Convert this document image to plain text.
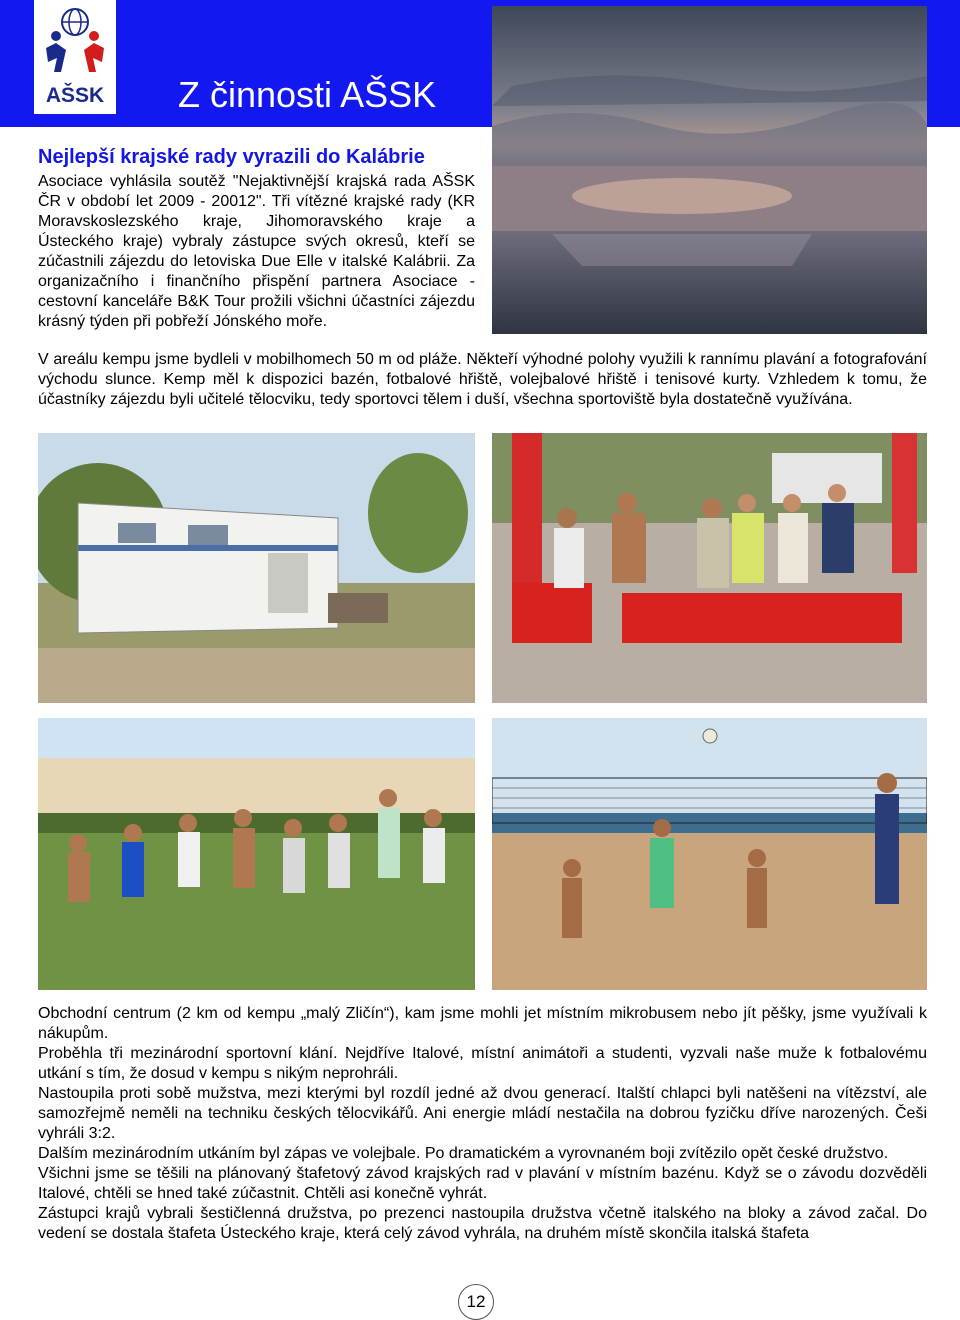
AŠSK	Z činnosti AŠSK
Nejlepší krajské rady vyrazili do Kalábrie
Asociace vyhlásila soutěž "Nejaktivnější krajská rada AŠSK ČR v období let 2009 - 20012". Tři vítězné krajské rady (KR Moravskoslezského kraje, Jihomoravského kraje a Ústeckého kraje) vybraly zástupce svých okresů, kteří se zúčastnili zájezdu do letoviska Due Elle v italské Kalábrii. Za organizačního i finančního přispění partnera Asociace - cestovní kanceláře B&K Tour prožili všichni účastníci zájezdu krásný týden při pobřeží Jónského moře.
V areálu kempu jsme bydleli v mobilhomech 50 m od pláže. Někteří výhodné polohy využili k rannímu plavání a fotografování východu slunce. Kemp měl k dispozici bazén, fotbalové hřiště, volejbalové hřiště i tenisové kurty. Vzhledem k tomu, že účastníky zájezdu byli učitelé tělocviku, tedy sportovci tělem i duší, všechna sportoviště byla dostatečně využívána.

Obchodní centrum (2 km od kempu „malý Zličín“), kam jsme mohli jet místním mikrobusem nebo jít pěšky, jsme využívali k nákupům.

Proběhla tři mezinárodní sportovní klání. Nejdříve Italové, místní animátoři a studenti, vyzvali naše muže k fotbalovému utkání s tím, že dosud v kempu s nikým neprohráli.

Nastoupila proti sobě mužstva, mezi kterými byl rozdíl jedné až dvou generací. Italští chlapci byli natěšeni na vítězství, ale samozřejmě neměli na techniku českých tělocvikářů. Ani energie mládí nestačila na dobrou fyzičku dříve narozených. Češi vyhráli 3:2.

Dalším mezinárodním utkáním byl zápas ve volejbale. Po dramatickém a vyrovnaném boji zvítězilo opět české družstvo.

Všichni jsme se těšili na plánovaný štafetový závod krajských rad v plavání v místním bazénu. Když se o závodu dozvěděli Italové, chtěli se hned také zúčastnit. Chtěli asi konečně vyhrát.

Zástupci krajů vybrali šestičlenná družstva, po prezenci nastoupila družstva včetně italského na bloky a závod začal. Do vedení se dostala štafeta Ústeckého kraje, která celý závod vyhrála, na druhém místě skončila italská štafeta

12
